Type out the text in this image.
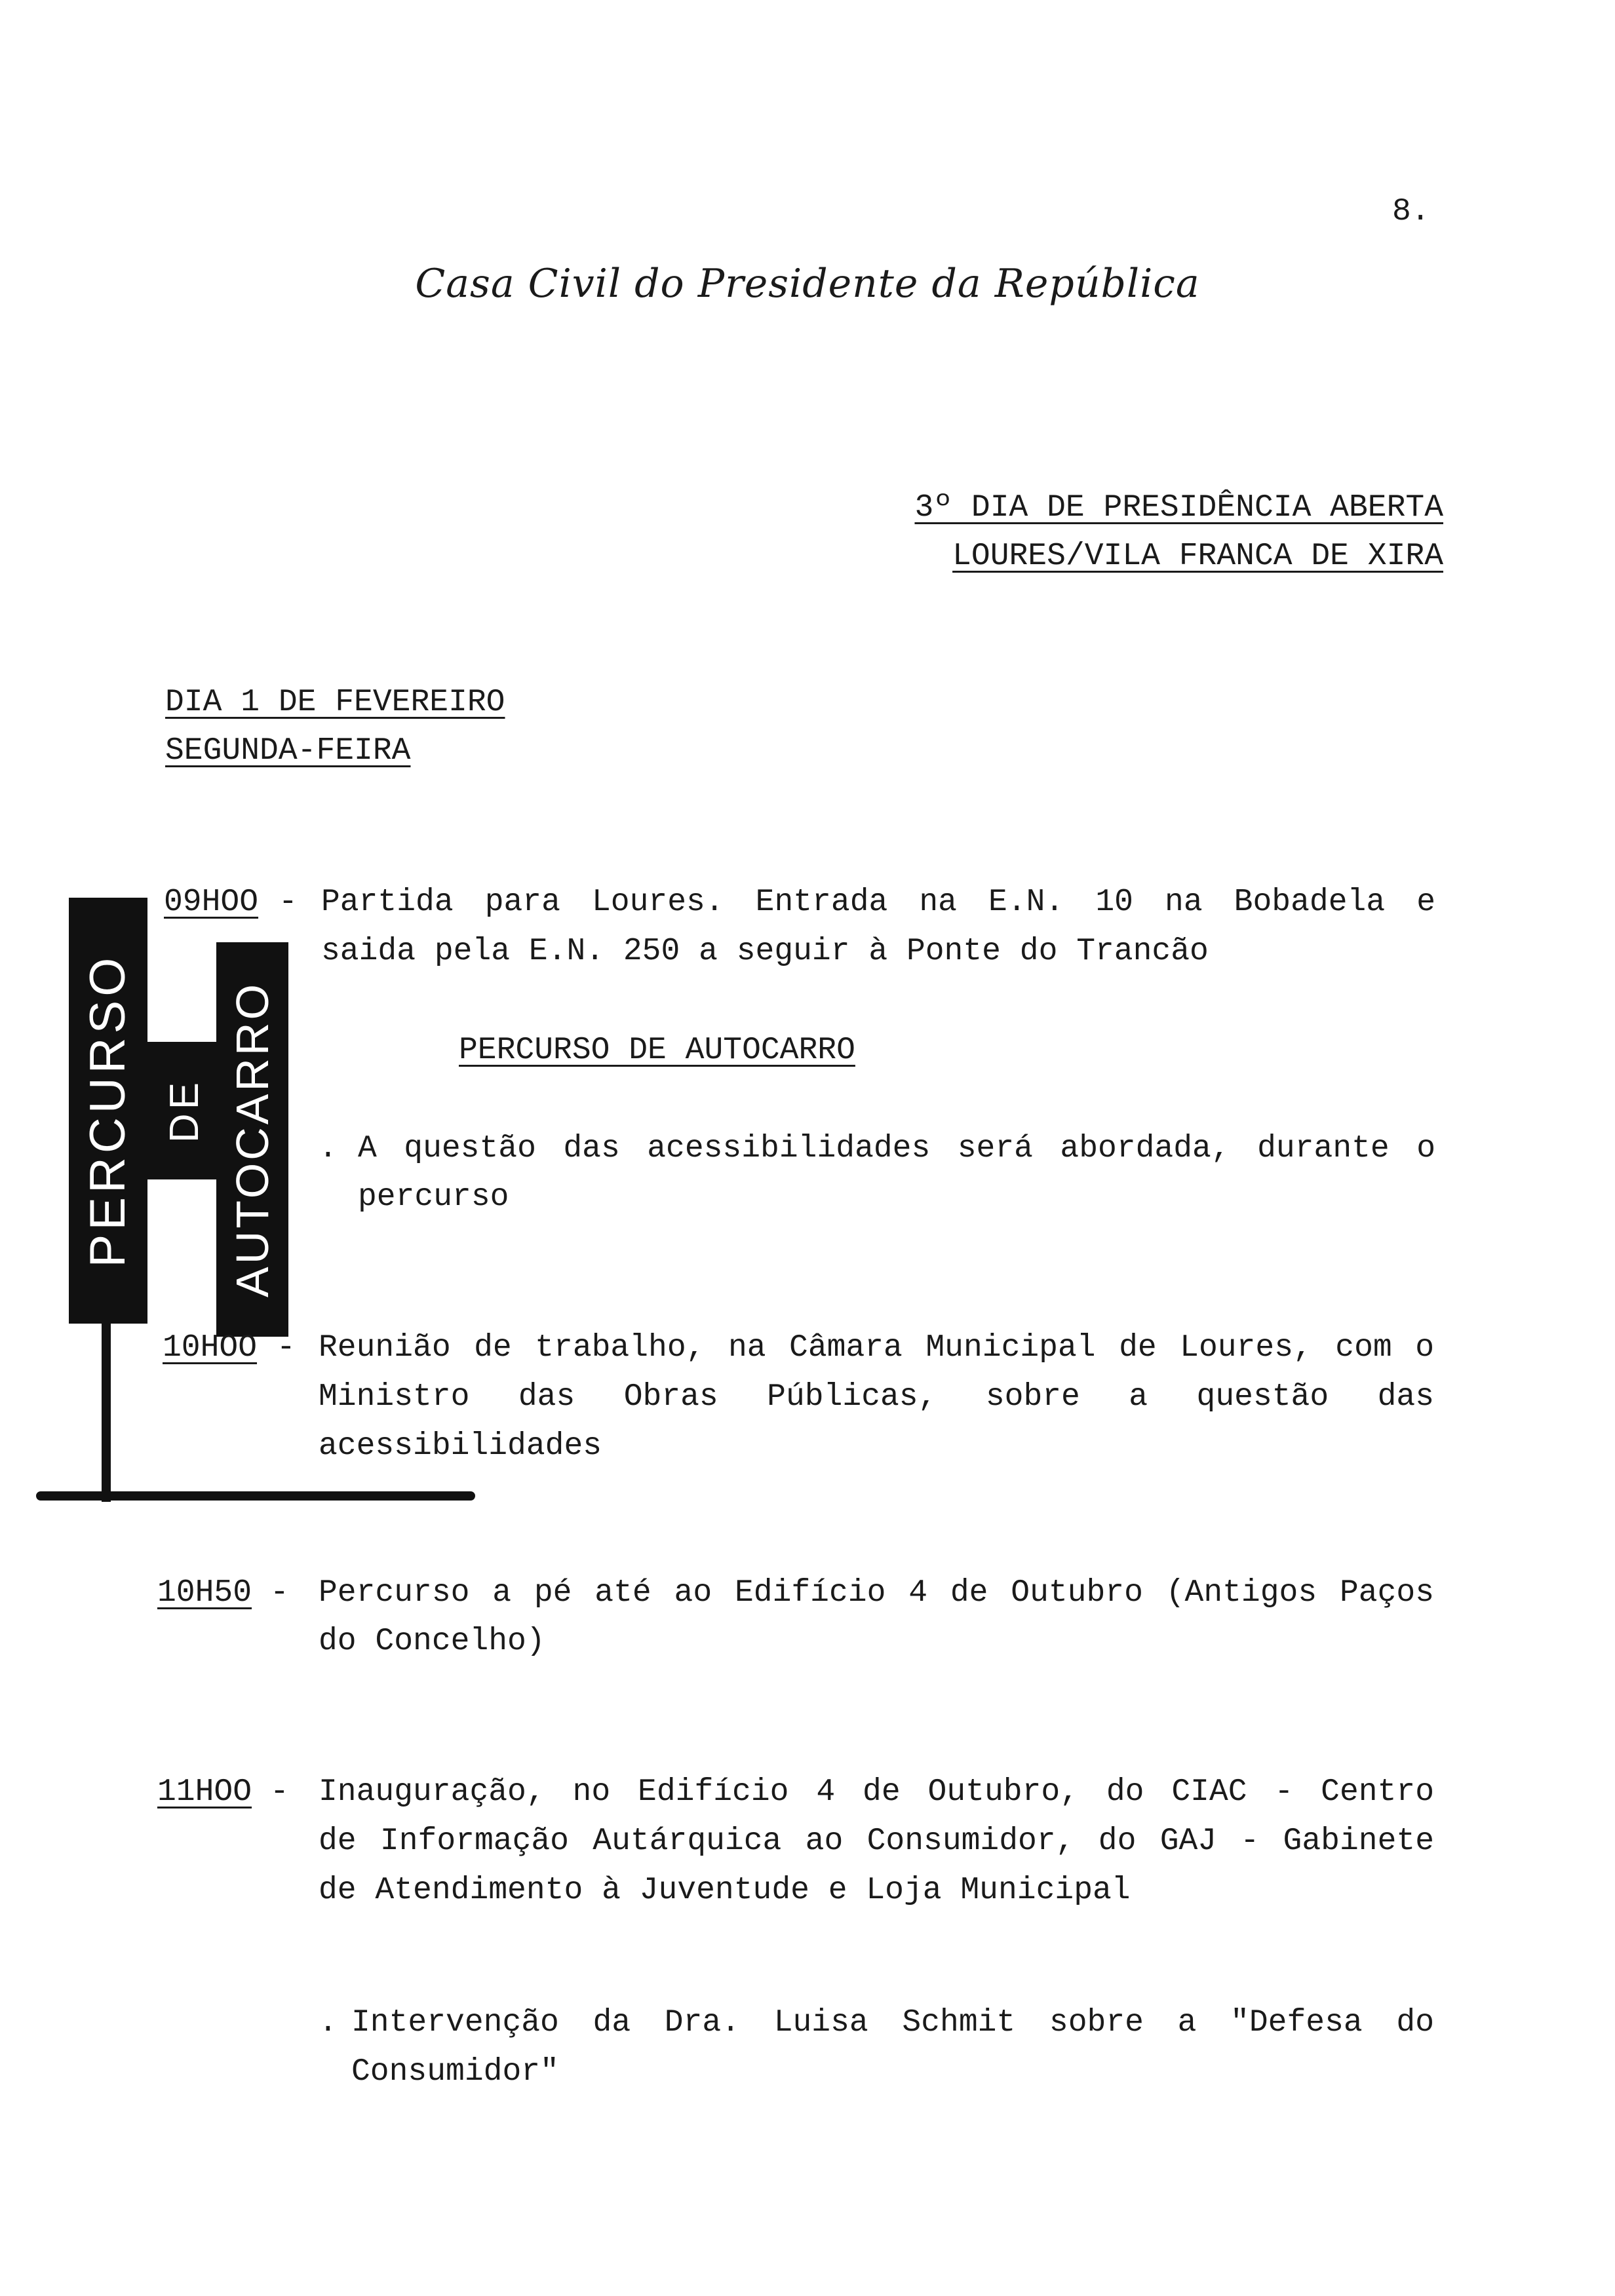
8.
Casa Civil do Presidente da República
3º DIA DE PRESIDÊNCIA ABERTA
LOURES/VILA FRANCA DE XIRA
DIA 1 DE FEVEREIRO
SEGUNDA-FEIRA
PERCURSO DE AUTOCARRO
09HOO - Partida para Loures. Entrada na E.N. 10 na Bobadela e
saida pela E.N. 250 a seguir à Ponte do Trancão
PERCURSO DE AUTOCARRO
. A questão das acessibilidades será abordada, durante o
percurso
10HOO - Reunião de trabalho, na Câmara Municipal de Loures, com o
Ministro das Obras Públicas, sobre a questão das
acessibilidades
10H50 - Percurso a pé até ao Edifício 4 de Outubro (Antigos Paços
do Concelho)
11HOO - Inauguração, no Edifício 4 de Outubro, do CIAC - Centro
de Informação Autárquica ao Consumidor, do GAJ - Gabinete
de Atendimento à Juventude e Loja Municipal
. Intervenção da Dra. Luisa Schmit sobre a "Defesa do
Consumidor"
